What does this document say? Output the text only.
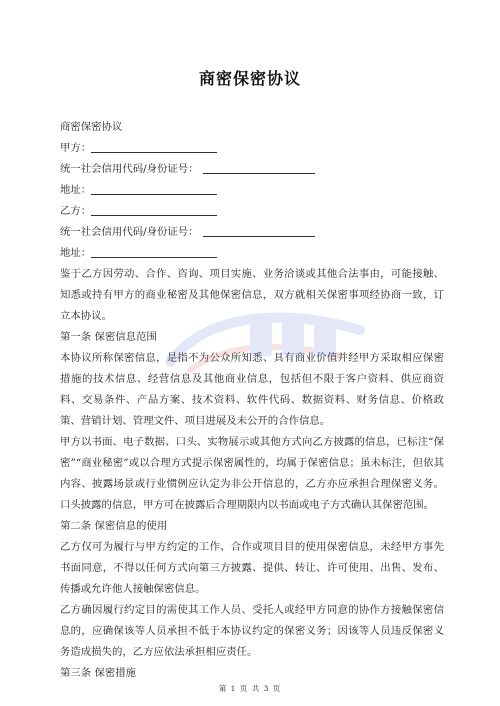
商密保密协议
商密保密协议
甲方：
统一社会信用代码/身份证号：
地址：
乙方：
统一社会信用代码/身份证号：
地址：
鉴于乙方因劳动、合作、咨询、项目实施、业务洽谈或其他合法事由，可能接触、知悉或持有甲方的商业秘密及其他保密信息，双方就相关保密事项经协商一致，订立本协议。
第一条 保密信息范围
本协议所称保密信息，是指不为公众所知悉、具有商业价值并经甲方采取相应保密措施的技术信息、经营信息及其他商业信息，包括但不限于客户资料、供应商资料、交易条件、产品方案、技术资料、软件代码、数据资料、财务信息、价格政策、营销计划、管理文件、项目进展及未公开的合作信息。
甲方以书面、电子数据、口头、实物展示或其他方式向乙方披露的信息，已标注“保密”“商业秘密”或以合理方式提示保密属性的，均属于保密信息；虽未标注，但依其内容、披露场景或行业惯例应认定为非公开信息的，乙方亦应承担合理保密义务。口头披露的信息，甲方可在披露后合理期限内以书面或电子方式确认其保密范围。
第二条 保密信息的使用
乙方仅可为履行与甲方约定的工作、合作或项目目的使用保密信息，未经甲方事先书面同意，不得以任何方式向第三方披露、提供、转让、许可使用、出售、发布、传播或允许他人接触保密信息。
乙方确因履行约定目的需使其工作人员、受托人或经甲方同意的协作方接触保密信息的，应确保该等人员承担不低于本协议约定的保密义务；因该等人员违反保密义务造成损失的，乙方应依法承担相应责任。
第三条 保密措施
第 1 页 共 3 页
